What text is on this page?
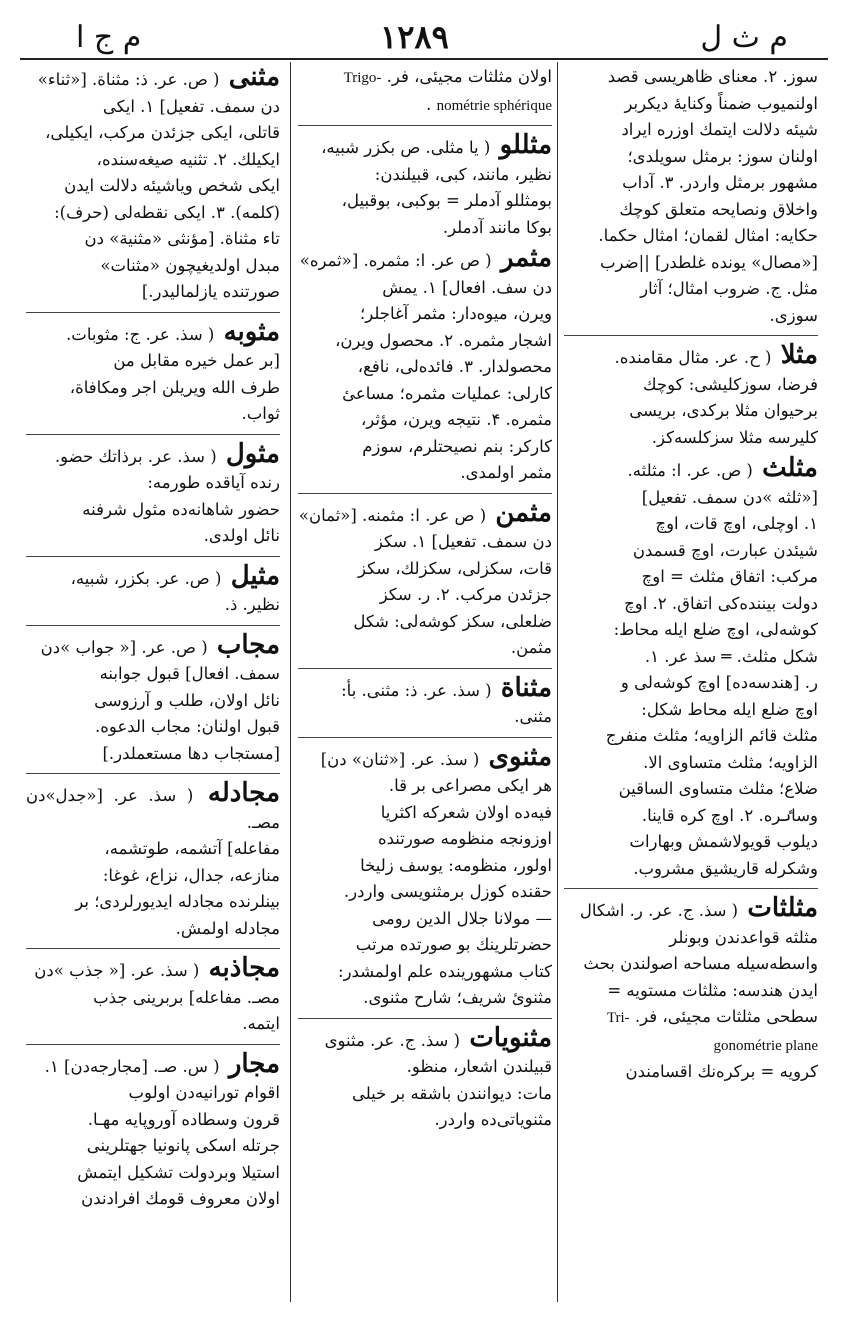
م ج ا	۱۲۸۹	م ث ل
سوز. ۲. معنای ظاهریسی قصد
اولنمیوب ضمناً وکنایهٔ دیکربر
شیئه دلالت ایتمك اوزره ایراد
اولنان سوز: برمثل سویلدی؛
مشهور برمثل واردر. ۳. آداب
واخلاق ونصایحه متعلق كوچك
حکایه: امثال لقمان؛ امثال حکما.
[«مصال» یونده غلطدر] ||ضرب
مثل. ج. ضروب امثال؛ آثار
سوزی.
مثلا ( ح. عر. مثال مقامنده.
فرضا، سوزکلیشی: كوچك
برحیوان مثلا برکدی، بریسی
کلیرسه مثلا سزکلسه‌کز.
مثلث ( ص. عر. ا: مثلثه.
[«ثلثه »دن سمف. تفعیل]
۱. اوچلی، اوچ قات، اوچ
شیئدن عبارت، اوچ قسمدن
مرکب: اتفاق مثلث = اوچ
دولت بیننده‌کی اتفاق. ۲. اوچ
کوشه‌لی، اوچ ضلع ایله محاط:
شکل مثلث. ═ سذ عر. ۱.
ر. [هندسه‌ده] اوچ کوشه‌لی و
اوچ ضلع ایله محاط شکل:
مثلث قائم الزاویه؛ مثلث منفرج
الزاویه؛ مثلث متساوی الا.
ضلاع؛ مثلث متساوی الساقین
وساٸره. ۲. اوچ کره قاینا.
دیلوب قویولاشمش وبهارات
وشکرله قاریشیق مشروب.
مثلثات ( سذ. ج. عر. ر. اشکال
مثلثه قواعدندن وبونلر
واسطه‌سیله مساحه اصولندن بحث
ایدن هندسه: مثلثات مستویه =
سطحی مثلثات مجیئی، فر. Tri-
gonométrie plane
کرویه = برکره‌نك اقسامندن
اولان مثلثات مجیئی، فر. Trigo-
nométrie sphérique .
مثللو ( یا مثلی. ص بکزر شبیه،
نظیر، مانند، کبی، قبیلندن:
بومثللو آدملر = بوکبی، بوقبیل،
بوکا مانند آدملر.
مثمر ( ص عر. ا: مثمره. [«ثمره»
دن سف. افعال] ۱. یمش
ویرن، میوه‌دار: مثمر آغاجلر؛
اشجار مثمره. ۲. محصول ویرن،
محصولدار. ۳. فائده‌لی، نافع،
کارلی: عملیات مثمره؛ مساعیٔ
مثمره. ۴. نتیجه ویرن، مؤثر،
کارکر: بنم نصیحتلرم، سوزم
مثمر اولمدی.
مثمن ( ص عر. ا: مثمنه. [«ثمان»
دن سمف. تفعیل] ۱. سکز
قات، سکزلی، سکزلك، سکز
جزئدن مرکب. ۲. ر. سکز
ضلعلی، سکز کوشه‌لی: شکل
مثمن.
مثناة ( سذ. عر. ذ: مثنی. بأ:
مثنی.
مثنوی ( سذ. عر. [«ثنان» دن]
هر ایکی مصراعی بر قا.
فیه‌ده اولان شعرکه اکثریا
اوزونجه منظومه صورتنده
اولور، منظومه: یوسف زلیخا
حقنده کوزل برمثنویسی واردر.
— مولانا جلال الدین رومی
حضرتلرینك بو صورتده مرتب
کتاب مشهورینده علم اولمشدر:
مثنویٔ شریف؛ شارح مثنوی.
مثنویات ( سذ. ج. عر. مثنوی
قبیلندن اشعار، منظو.
مات: دیوانندن باشقه بر خیلی
مثنویاتی‌ده واردر.
مثنی ( ص. عر. ذ: مثناة. [«ثناء»
دن سمف. تفعیل] ۱. ایکی
قاتلی، ایکی جزئدن مرکب، ایکیلی،
ایکیلك. ۲. تثنیه صیغه‌سنده،
ایکی شخص ویاشیئه دلالت ایدن
(کلمه). ۳. ایکی نقطه‌لی (حرف):
تاء مثناة. [مؤنثی «مثنیة» دن
مبدل اولدیغیچون «مثنات»
صورتنده یازلمالیدر.]
مثوبه ( سذ. عر. ج: مثوبات.
[بر عمل خیره مقابل من
طرف الله ویریلن اجر ومکافاة،
ثواب.
مثول ( سذ. عر. برذاتك حضو.
رنده آیاقده طورمه:
حضور شاهانه‌ده مثول شرفنه
نائل اولدی.
مثیل ( ص. عر. بکزر، شبیه،
نظیر. ذ.
مجاب ( ص. عر. [« جواب »دن
سمف. افعال] قبول جوابنه
نائل اولان، طلب و آرزوسی
قبول اولنان: مجاب الدعوه.
[مستجاب دها مستعملدر.]
مجادله ( سذ. عر. [«جدل»دن مصـ.
مفاعله] آتشمه، طوتشمه،
منازعه، جدال، نزاع، غوغا:
بینلرنده مجادله ایدیورلردی؛ بر
مجادله اولمش.
مجاذبه ( سذ. عر. [« جذب »دن
مصـ. مفاعله] بربرینی جذب
ایتمه.
مجار ( س. صـ. [مجارجه‌دن] ۱.
اقوام تورانیه‌دن اولوب
قرون وسطاده آوروپایه مهـا.
جرتله اسکی پانونیا جهتلرینی
استیلا وبردولت تشکیل ایتمش
اولان معروف قومك افرادندن
